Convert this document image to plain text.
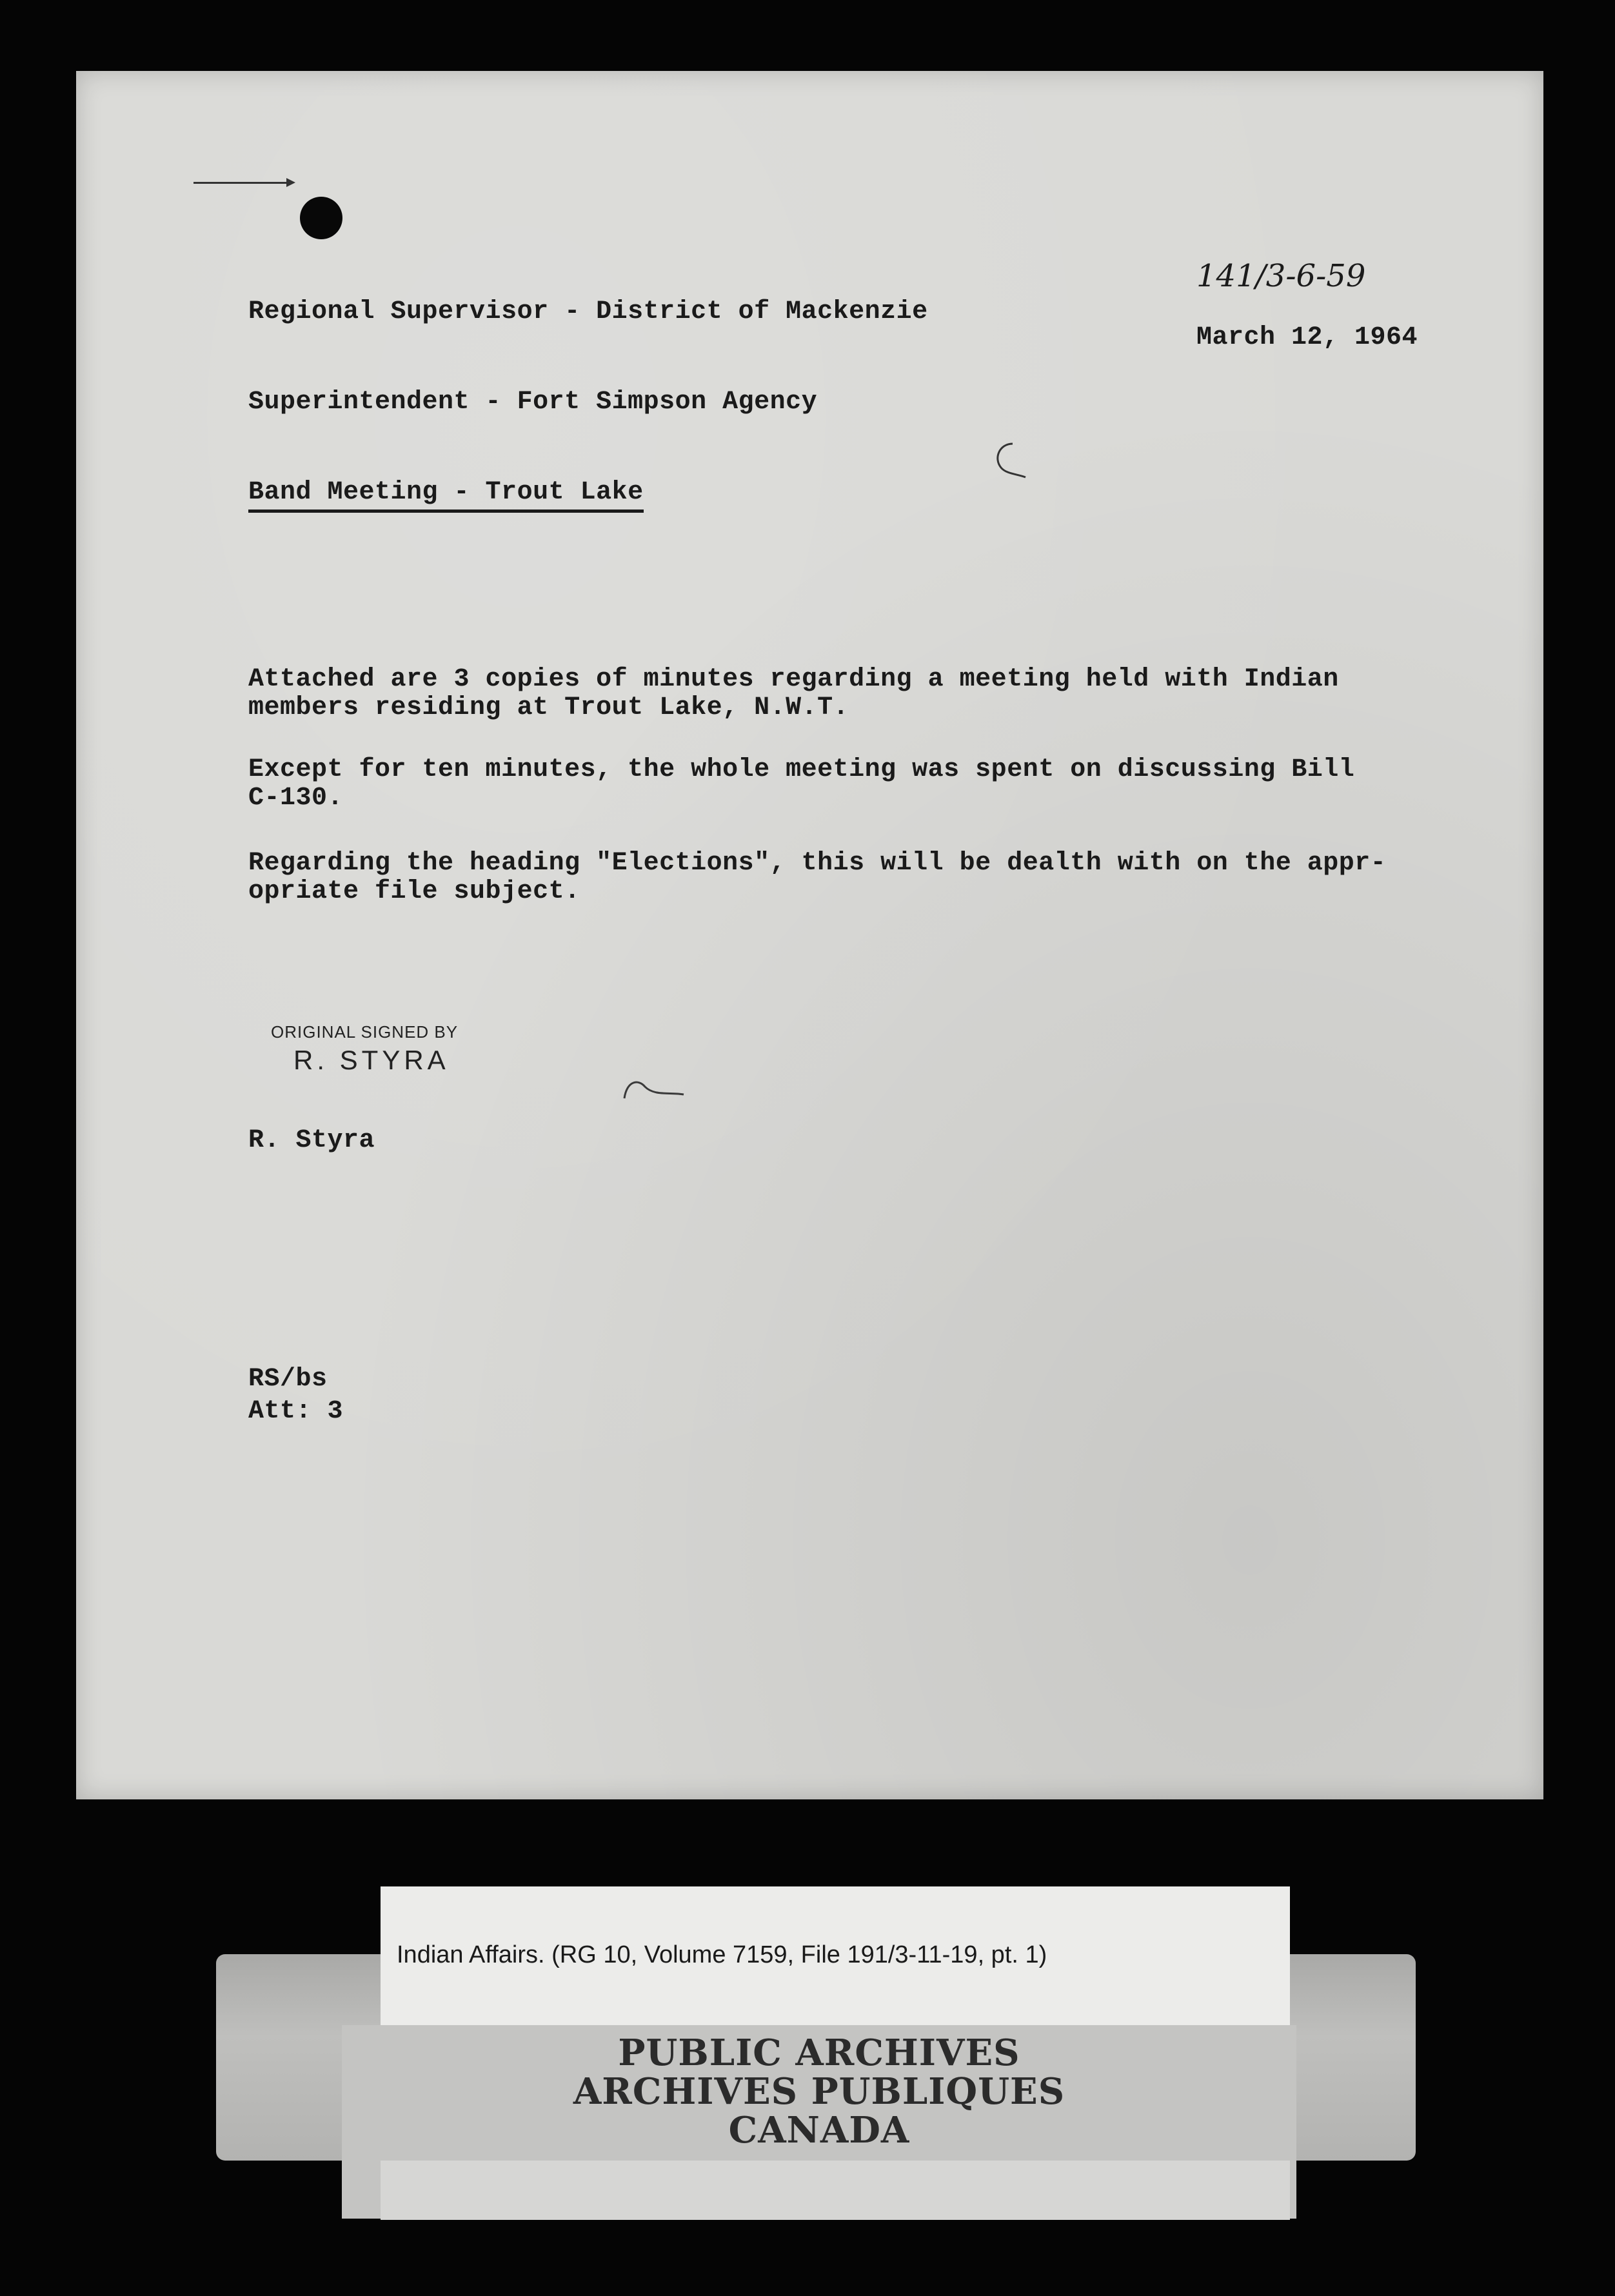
141/3-6-59
March 12, 1964
Regional Supervisor - District of Mackenzie
Superintendent - Fort Simpson Agency
Band Meeting - Trout Lake
Attached are 3 copies of minutes regarding a meeting held with Indian
members residing at Trout Lake, N.W.T.
Except for ten minutes, the whole meeting was spent on discussing Bill
C-130.
Regarding the heading "Elections", this will be dealth with on the appr-
opriate file subject.
ORIGINAL SIGNED BY
R. STYRA
R. Styra
RS/bs
Att: 3
Indian Affairs. (RG 10, Volume 7159, File 191/3-11-19, pt. 1)
PUBLIC ARCHIVES
ARCHIVES PUBLIQUES
CANADA
